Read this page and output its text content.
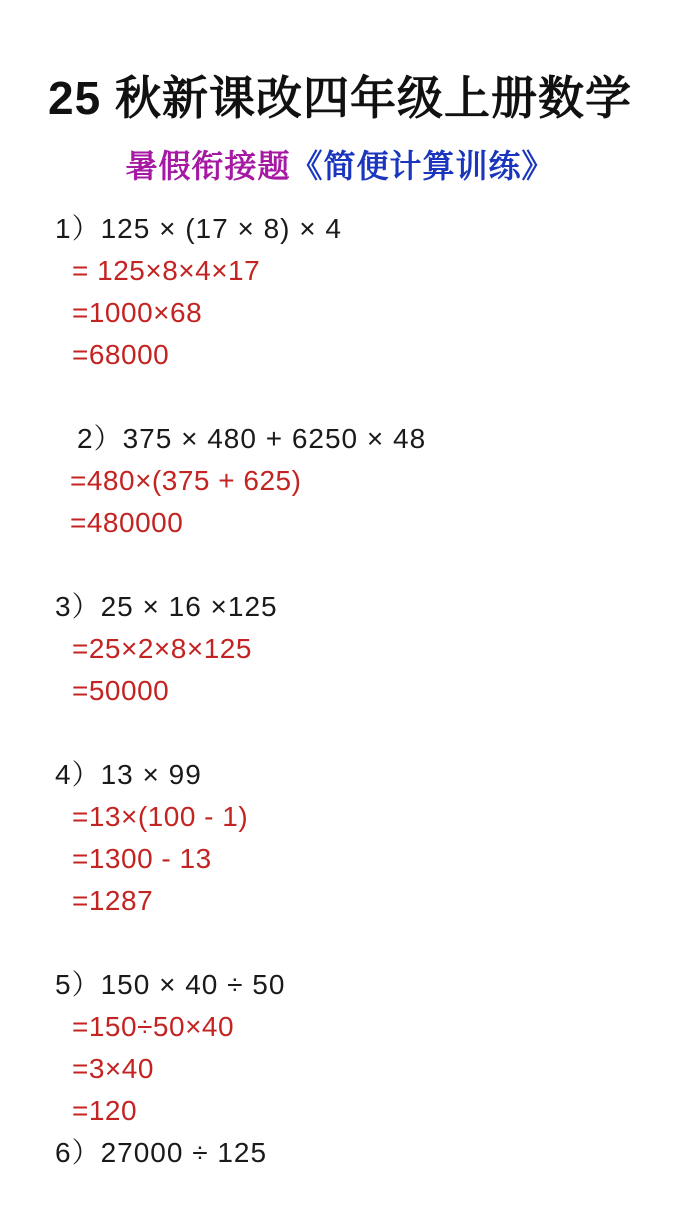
25 秋新课改四年级上册数学
暑假衔接题《简便计算训练》
1）125 × (17 × 8) × 4
= 125×8×4×17
=1000×68
=68000
2）375 × 480 + 6250 × 48
=480×(375 + 625)
=480000
3）25 × 16 ×125
=25×2×8×125
=50000
4）13 × 99
=13×(100 - 1)
=1300 - 13
=1287
5）150 × 40 ÷ 50
=150÷50×40
=3×40
=120
6）27000 ÷ 125
